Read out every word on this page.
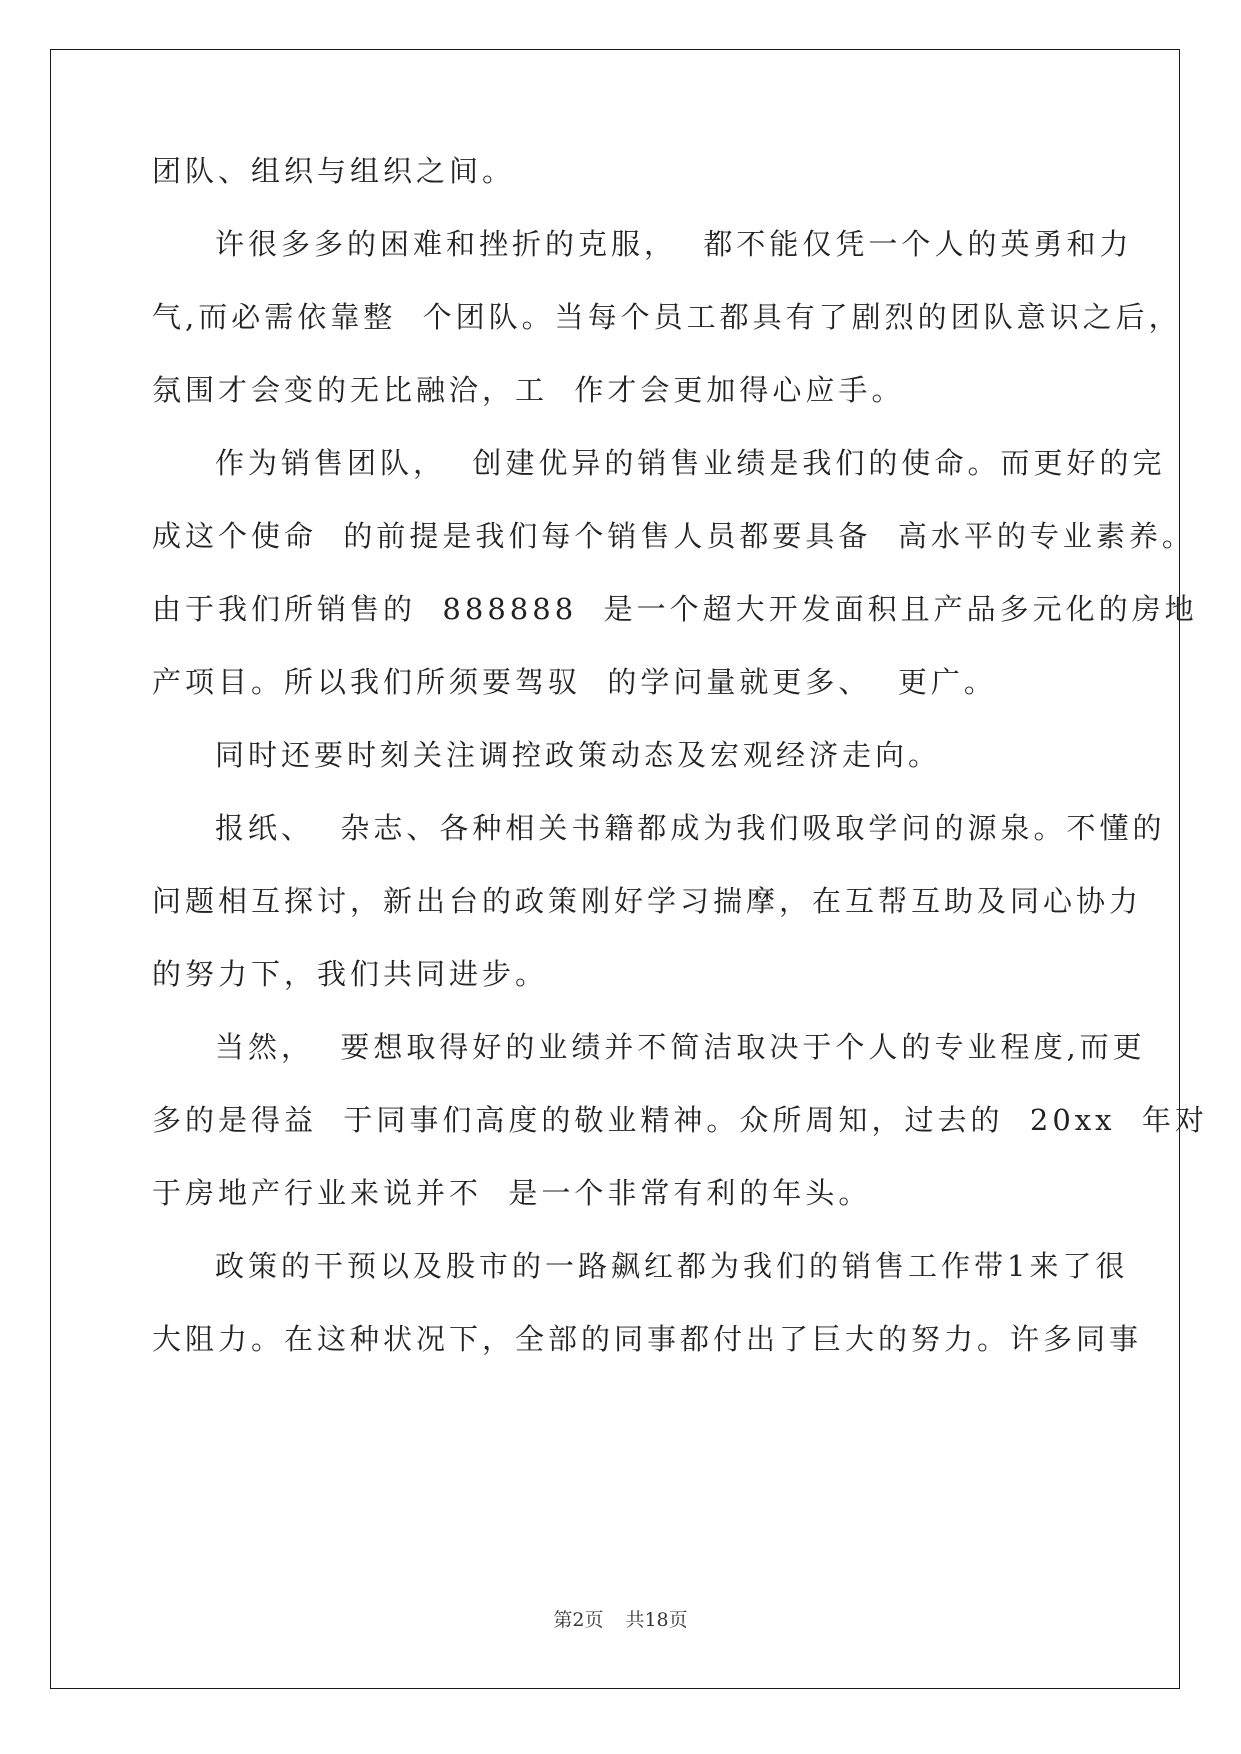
团队、组织与组织之间。

许很多多的困难和挫折的克服，  都不能仅凭一个人的英勇和力

气,而必需依靠整  个团队。当每个员工都具有了剧烈的团队意识之后，

氛围才会变的无比融洽，工  作才会更加得心应手。

作为销售团队，  创建优异的销售业绩是我们的使命。而更好的完

成这个使命  的前提是我们每个销售人员都要具备  高水平的专业素养。

由于我们所销售的  888888  是一个超大开发面积且产品多元化的房地

产项目。所以我们所须要驾驭  的学问量就更多、  更广。

同时还要时刻关注调控政策动态及宏观经济走向。

报纸、  杂志、各种相关书籍都成为我们吸取学问的源泉。不懂的

问题相互探讨，新出台的政策刚好学习揣摩，在互帮互助及同心协力

的努力下，我们共同进步。

当然，  要想取得好的业绩并不简洁取决于个人的专业程度,而更

多的是得益  于同事们高度的敬业精神。众所周知，过去的  20xx  年对

于房地产行业来说并不  是一个非常有利的年头。

政策的干预以及股市的一路飙红都为我们的销售工作带1来了很

大阻力。在这种状况下，全部的同事都付出了巨大的努力。许多同事

第2页 共18页
